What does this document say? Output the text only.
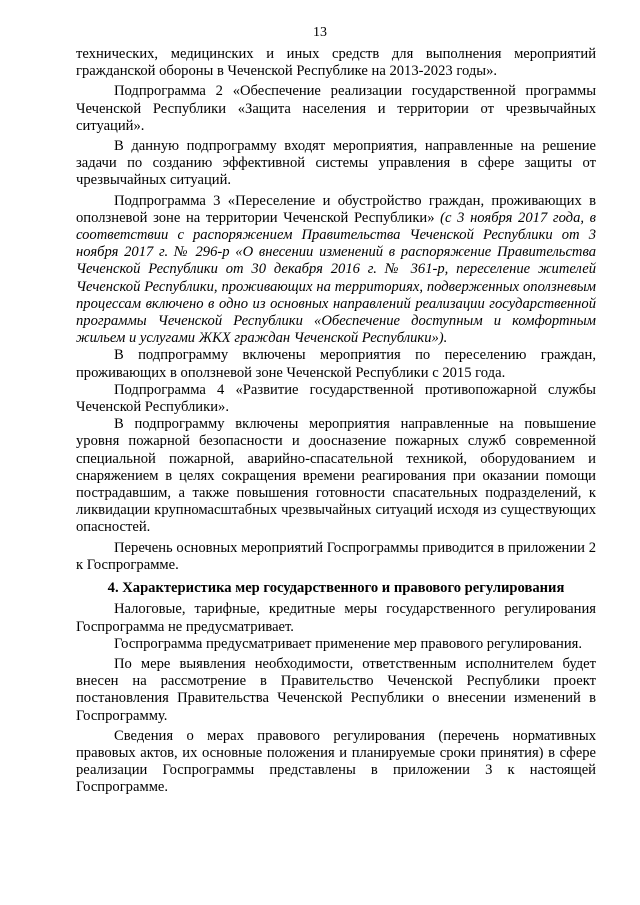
13

технических, медицинских и иных средств для выполнения мероприятий гражданской обороны в Чеченской Республике на 2013-2023 годы».

Подпрограмма 2 «Обеспечение реализации государственной программы Чеченской Республики «Защита населения и территории от чрезвычайных ситуаций».

В данную подпрограмму входят мероприятия, направленные на решение задачи по созданию эффективной системы управления в сфере защиты от чрезвычайных ситуаций.

Подпрограмма 3 «Переселение и обустройство граждан, проживающих в оползневой зоне на территории Чеченской Республики» (с 3 ноября 2017 года, в соответствии с распоряжением Правительства Чеченской Республики от 3 ноября 2017 г. № 296-р «О внесении изменений в распоряжение Правительства Чеченской Республики от 30 декабря 2016 г. № 361-р, переселение жителей Чеченской Республики, проживающих на территориях, подверженных оползневым процессам включено в одно из основных направлений реализации государственной программы Чеченской Республики «Обеспечение доступным и комфортным жильем и услугами ЖКХ граждан Чеченской Республики»).

В подпрограмму включены мероприятия по переселению граждан, проживающих в оползневой зоне Чеченской Республики с 2015 года.

Подпрограмма 4 «Развитие государственной противопожарной службы Чеченской Республики».

В подпрограмму включены мероприятия направленные на повышение уровня пожарной безопасности и доосназение пожарных служб современной специальной пожарной, аварийно-спасательной техникой, оборудованием и снаряжением в целях сокращения времени реагирования при оказании помощи пострадавшим, а также повышения готовности спасательных подразделений, к ликвидации крупномасштабных чрезвычайных ситуаций исходя из существующих опасностей.

Перечень основных мероприятий Госпрограммы приводится в приложении 2 к Госпрограмме.

4. Характеристика мер государственного и правового регулирования

Налоговые, тарифные, кредитные меры государственного регулирования Госпрограмма не предусматривает.

Госпрограмма предусматривает применение мер правового регулирования.

По мере выявления необходимости, ответственным исполнителем будет внесен на рассмотрение в Правительство Чеченской Республики проект постановления Правительства Чеченской Республики о внесении изменений в Госпрограмму.

Сведения о мерах правового регулирования (перечень нормативных правовых актов, их основные положения и планируемые сроки принятия) в сфере реализации Госпрограммы представлены в приложении 3 к настоящей Госпрограмме.
